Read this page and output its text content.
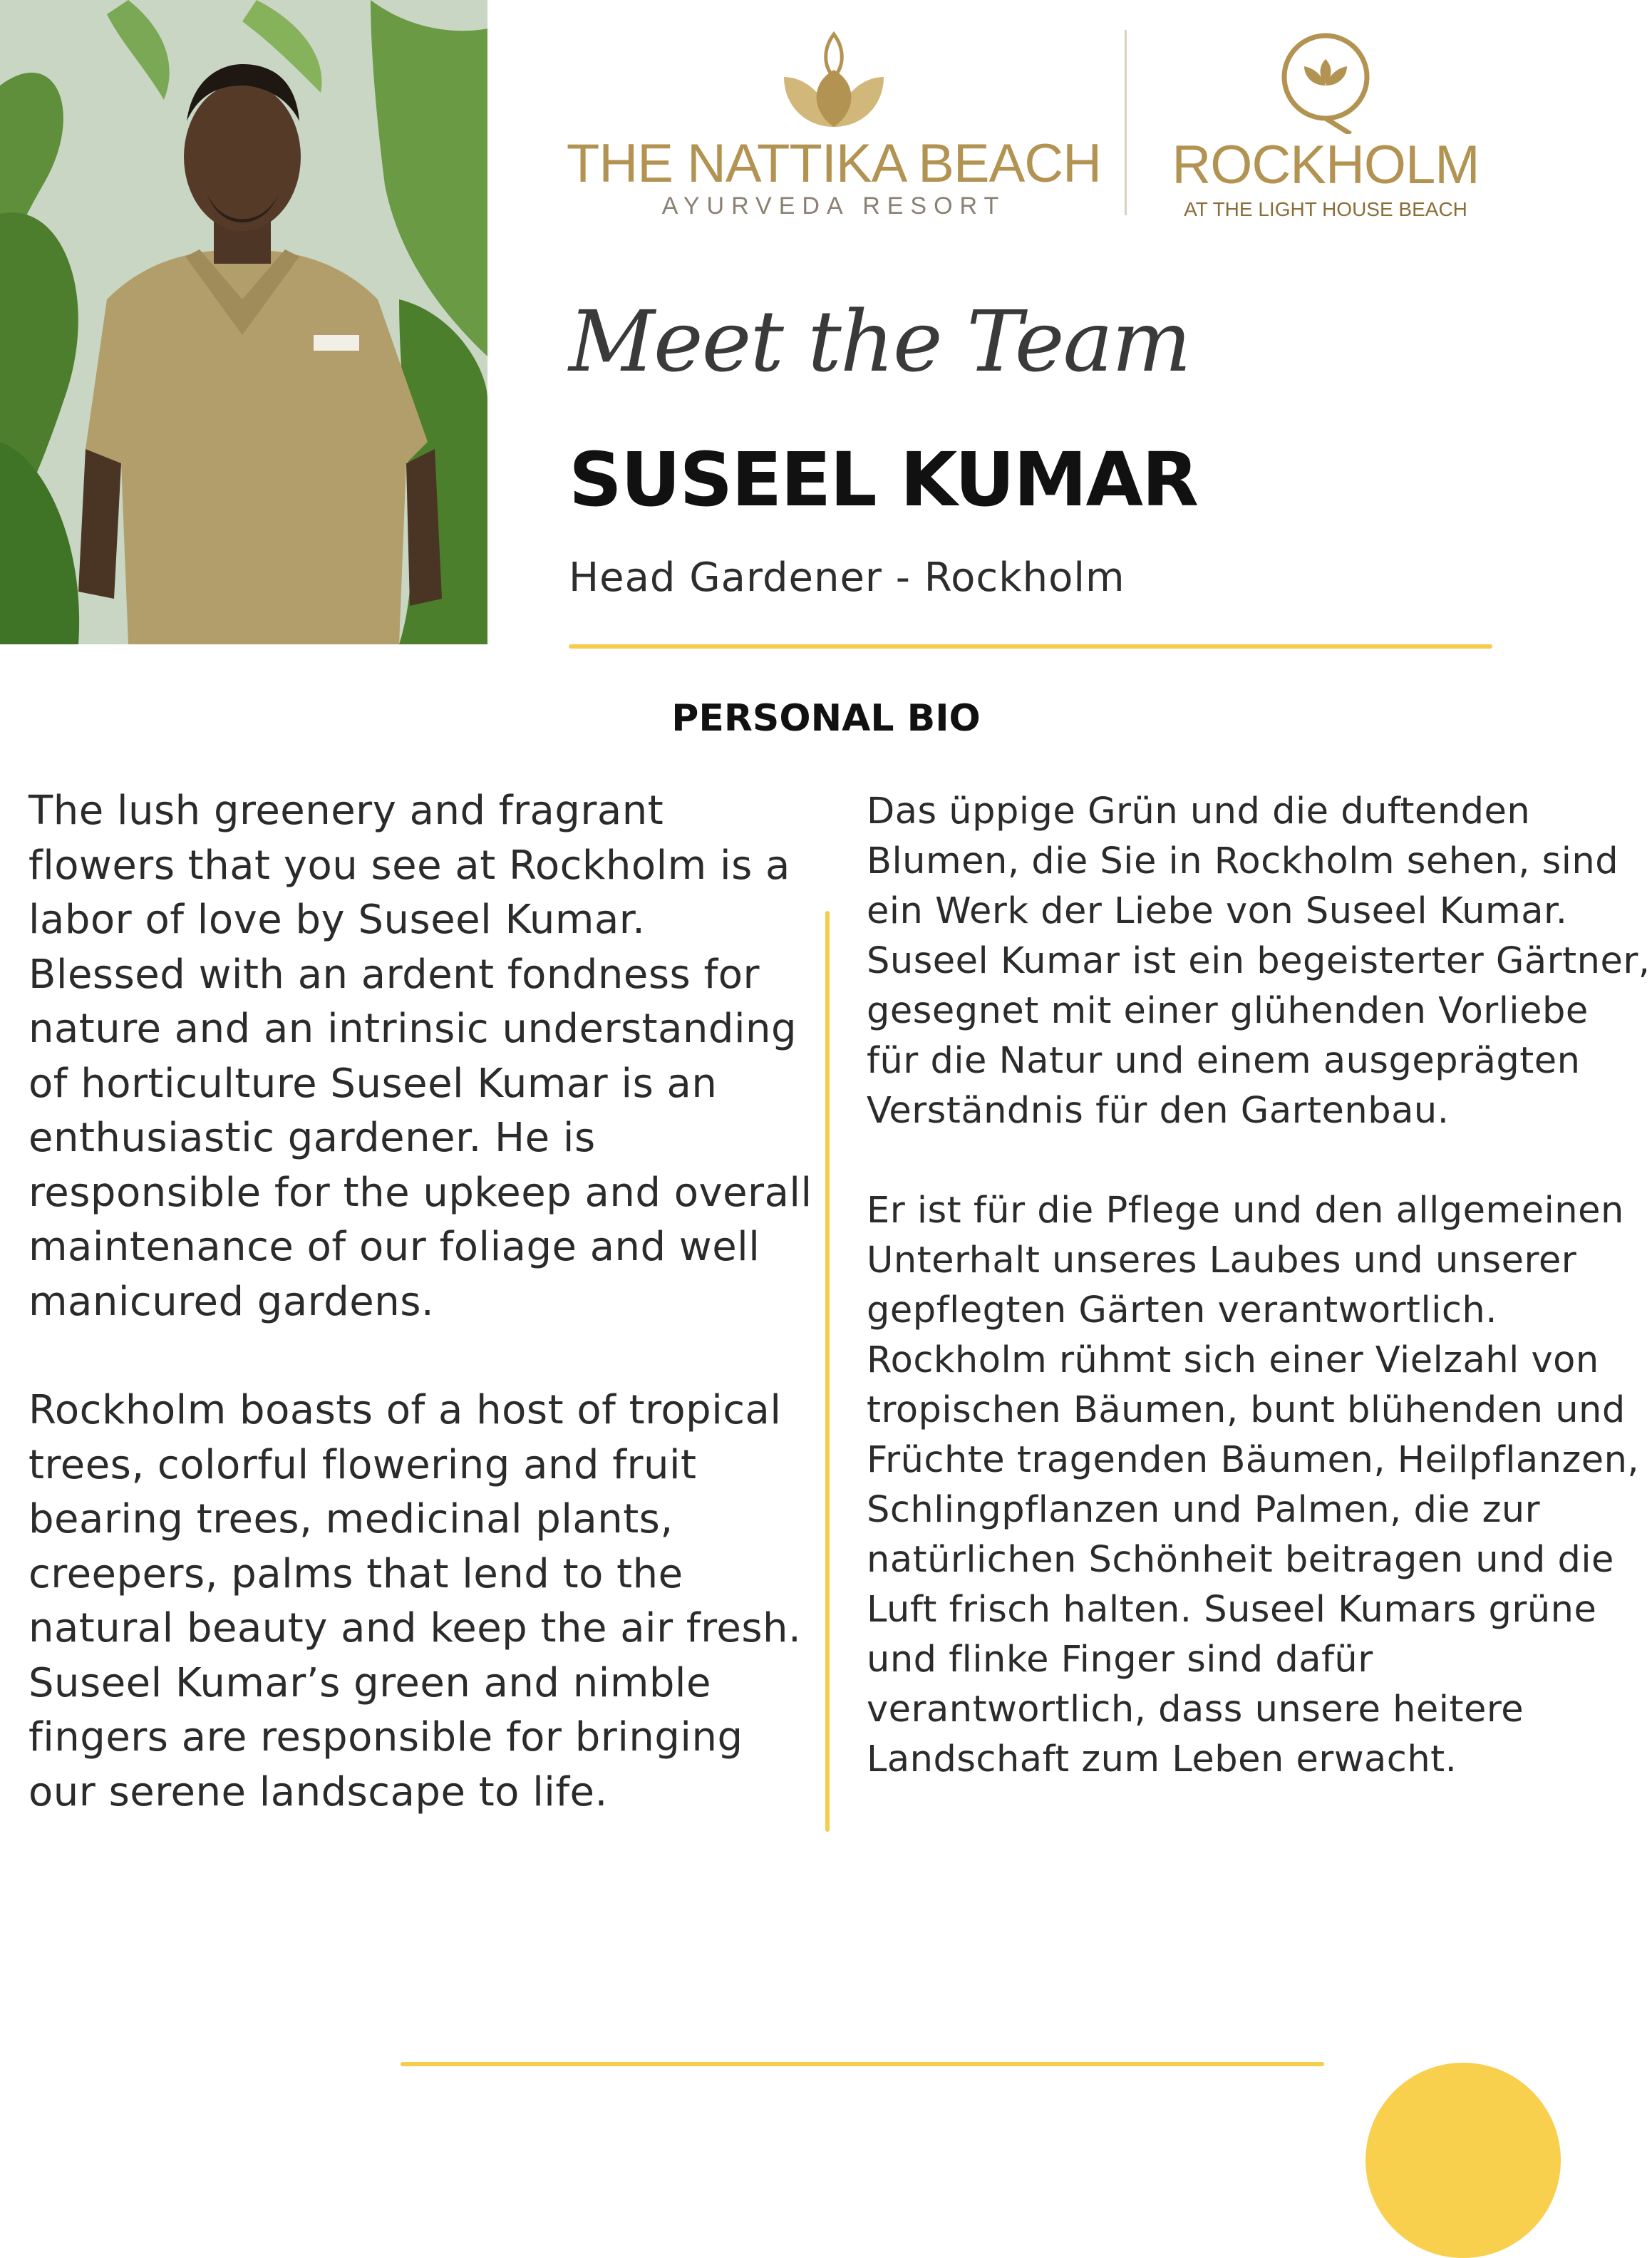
THE NATTIKA BEACH
AYURVEDA RESORT
ROCKHOLM
AT THE LIGHT HOUSE BEACH
Meet the Team
SUSEEL KUMAR
Head Gardener - Rockholm
PERSONAL BIO

The lush greenery and fragrant flowers that you see at Rockholm is a labor of love by Suseel Kumar. Blessed with an ardent fondness for nature and an intrinsic understanding of horticulture Suseel Kumar is an enthusiastic gardener. He is responsible for the upkeep and overall maintenance of our foliage and well manicured gardens.

Rockholm boasts of a host of tropical trees, colorful flowering and fruit bearing trees, medicinal plants, creepers, palms that lend to the natural beauty and keep the air fresh. Suseel Kumar’s green and nimble fingers are responsible for bringing our serene landscape to life.

Das üppige Grün und die duftenden Blumen, die Sie in Rockholm sehen, sind ein Werk der Liebe von Suseel Kumar. Suseel Kumar ist ein begeisterter Gärtner, gesegnet mit einer glühenden Vorliebe für die Natur und einem ausgeprägten Verständnis für den Gartenbau.

Er ist für die Pflege und den allgemeinen Unterhalt unseres Laubes und unserer gepflegten Gärten verantwortlich. Rockholm rühmt sich einer Vielzahl von tropischen Bäumen, bunt blühenden und Früchte tragenden Bäumen, Heilpflanzen, Schlingpflanzen und Palmen, die zur natürlichen Schönheit beitragen und die Luft frisch halten. Suseel Kumars grüne und flinke Finger sind dafür verantwortlich, dass unsere heitere Landschaft zum Leben erwacht.
